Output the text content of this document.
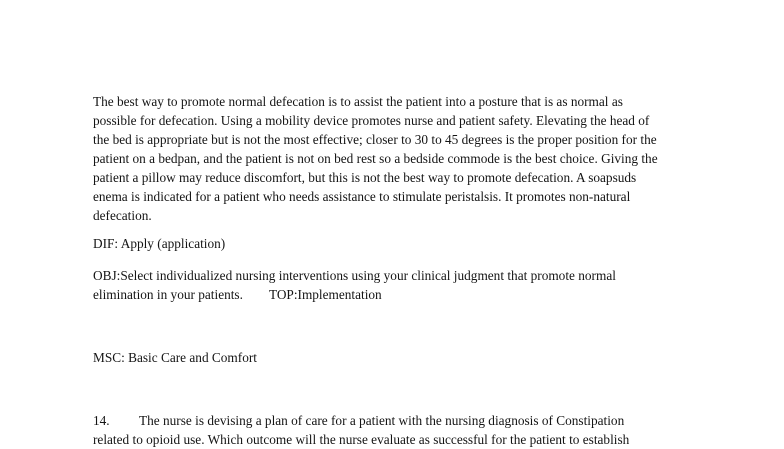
The best way to promote normal defecation is to assist the patient into a posture that is as normal as
possible for defecation. Using a mobility device promotes nurse and patient safety. Elevating the head of
the bed is appropriate but is not the most effective; closer to 30 to 45 degrees is the proper position for the
patient on a bedpan, and the patient is not on bed rest so a bedside commode is the best choice. Giving the
patient a pillow may reduce discomfort, but this is not the best way to promote defecation. A soapsuds
enema is indicated for a patient who needs assistance to stimulate peristalsis. It promotes non-natural
defecation.

DIF: Apply (application)

OBJ:Select individualized nursing interventions using your clinical judgment that promote normal
elimination in your patients. TOP:Implementation

MSC: Basic Care and Comfort

14. The nurse is devising a plan of care for a patient with the nursing diagnosis of Constipation
related to opioid use. Which outcome will the nurse evaluate as successful for the patient to establish
